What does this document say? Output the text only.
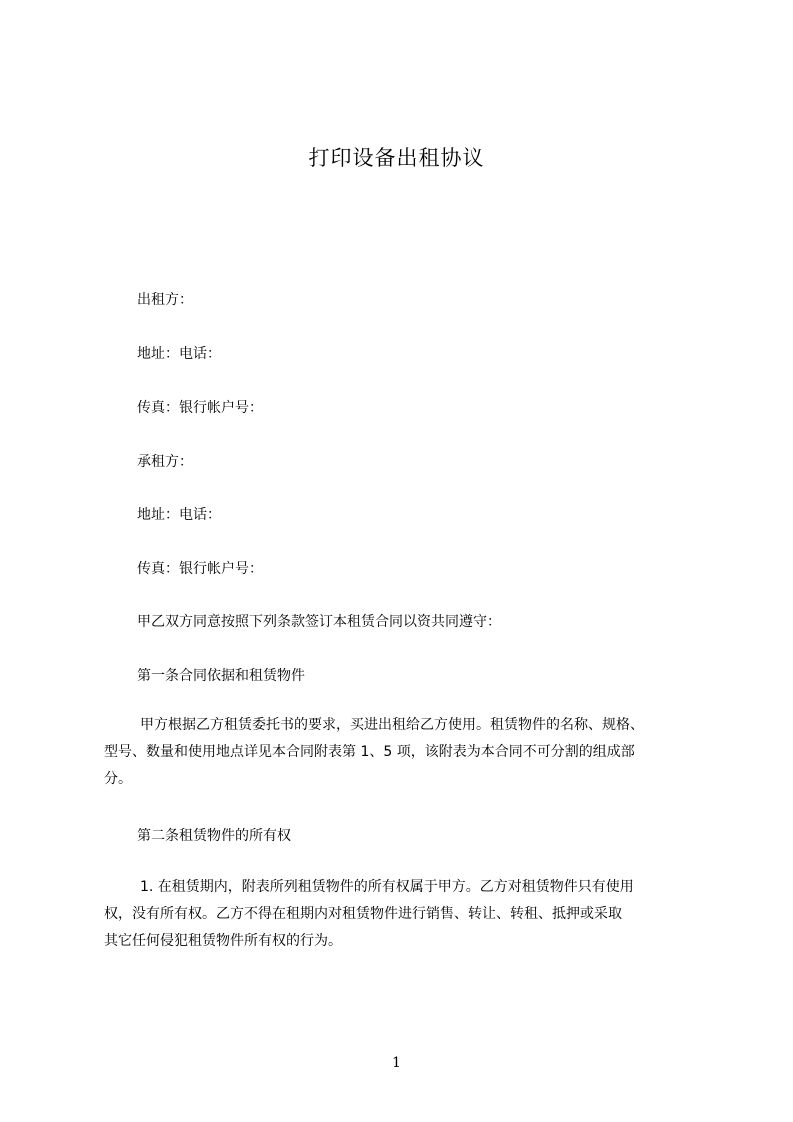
打印设备出租协议
出租方：
地址：电话：
传真：银行帐户号：
承租方：
地址：电话：
传真：银行帐户号：
甲乙双方同意按照下列条款签订本租赁合同以资共同遵守：
第一条合同依据和租赁物件
甲方根据乙方租赁委托书的要求，买进出租给乙方使用。租赁物件的名称、规格、
型号、数量和使用地点详见本合同附表第 1、5 项，该附表为本合同不可分割的组成部
分。
第二条租赁物件的所有权
1. 在租赁期内，附表所列租赁物件的所有权属于甲方。乙方对租赁物件只有使用
权，没有所有权。乙方不得在租期内对租赁物件进行销售、转让、转租、抵押或采取
其它任何侵犯租赁物件所有权的行为。
1
